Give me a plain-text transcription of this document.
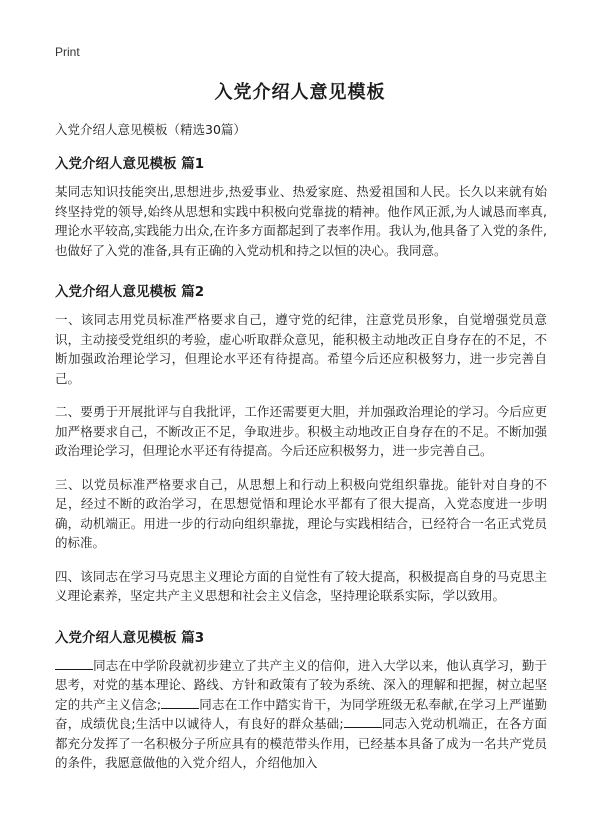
Print
入党介绍人意见模板
入党介绍人意见模板（精选30篇）
入党介绍人意见模板 篇1

某同志知识技能突出,思想进步,热爱事业、热爱家庭、热爱祖国和人民。长久以来就有始终坚持党的领导,始终从思想和实践中积极向党靠拢的精神。他作风正派,为人诚恳而率真,理论水平较高,实践能力出众,在许多方面都起到了表率作用。我认为,他具备了入党的条件,也做好了入党的准备,具有正确的入党动机和持之以恒的决心。我同意。

入党介绍人意见模板 篇2

一、该同志用党员标准严格要求自己，遵守党的纪律，注意党员形象，自觉增强党员意识，主动接受党组织的考验，虚心听取群众意见，能积极主动地改正自身存在的不足，不断加强政治理论学习，但理论水平还有待提高。希望今后还应积极努力，进一步完善自己。

二、要勇于开展批评与自我批评，工作还需要更大胆，并加强政治理论的学习。今后应更加严格要求自己，不断改正不足，争取进步。积极主动地改正自身存在的不足。不断加强政治理论学习，但理论水平还有待提高。今后还应积极努力，进一步完善自己。

三、以党员标准严格要求自己，从思想上和行动上积极向党组织靠拢。能针对自身的不足，经过不断的政治学习，在思想觉悟和理论水平都有了很大提高，入党态度进一步明确，动机端正。用进一步的行动向组织靠拢，理论与实践相结合，已经符合一名正式党员的标准。

四、该同志在学习马克思主义理论方面的自觉性有了较大提高，积极提高自身的马克思主义理论素养，坚定共产主义思想和社会主义信念，坚持理论联系实际，学以致用。

入党介绍人意见模板 篇3

同志在中学阶段就初步建立了共产主义的信仰，进入大学以来，他认真学习，勤于思考，对党的基本理论、路线、方针和政策有了较为系统、深入的理解和把握，树立起坚定的共产主义信念;	同志在工作中踏实肯干，为同学班级无私奉献,在学习上严谨勤奋，成绩优良;生活中以诚待人，有良好的群众基础;	同志入党动机端正，在各方面都充分发挥了一名积极分子所应具有的模范带头作用，已经基本具备了成为一名共产党员的条件，我愿意做他的入党介绍人，介绍他加入
